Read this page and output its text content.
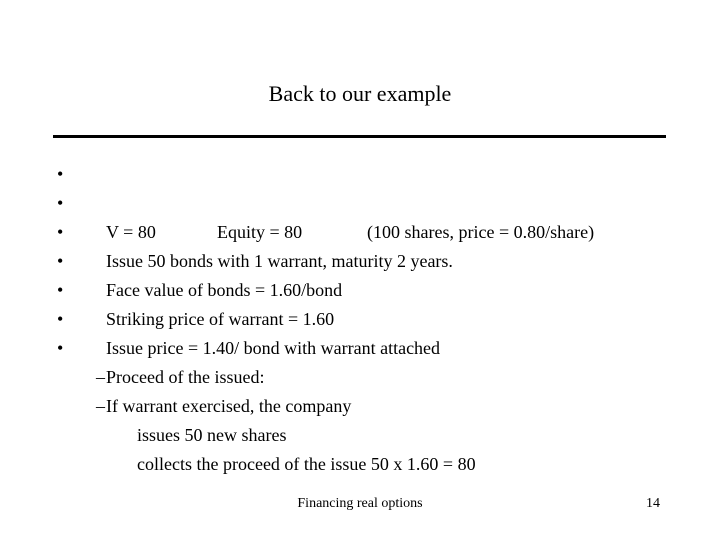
Back to our example

•

V = 80	Equity = 80	(100 shares, price = 0.80/share)

•

Issue 50 bonds with 1 warrant, maturity 2 years.

•

Face value of bonds = 1.60/bond

•

Striking price of warrant = 1.60

•

Issue price = 1.40/ bond with warrant attached

•

Proceed of the issued:

•

If warrant exercised, the company

–

issues 50 new shares

–

collects the proceed of the issue 50 x 1.60 = 80

Financing real options	14
